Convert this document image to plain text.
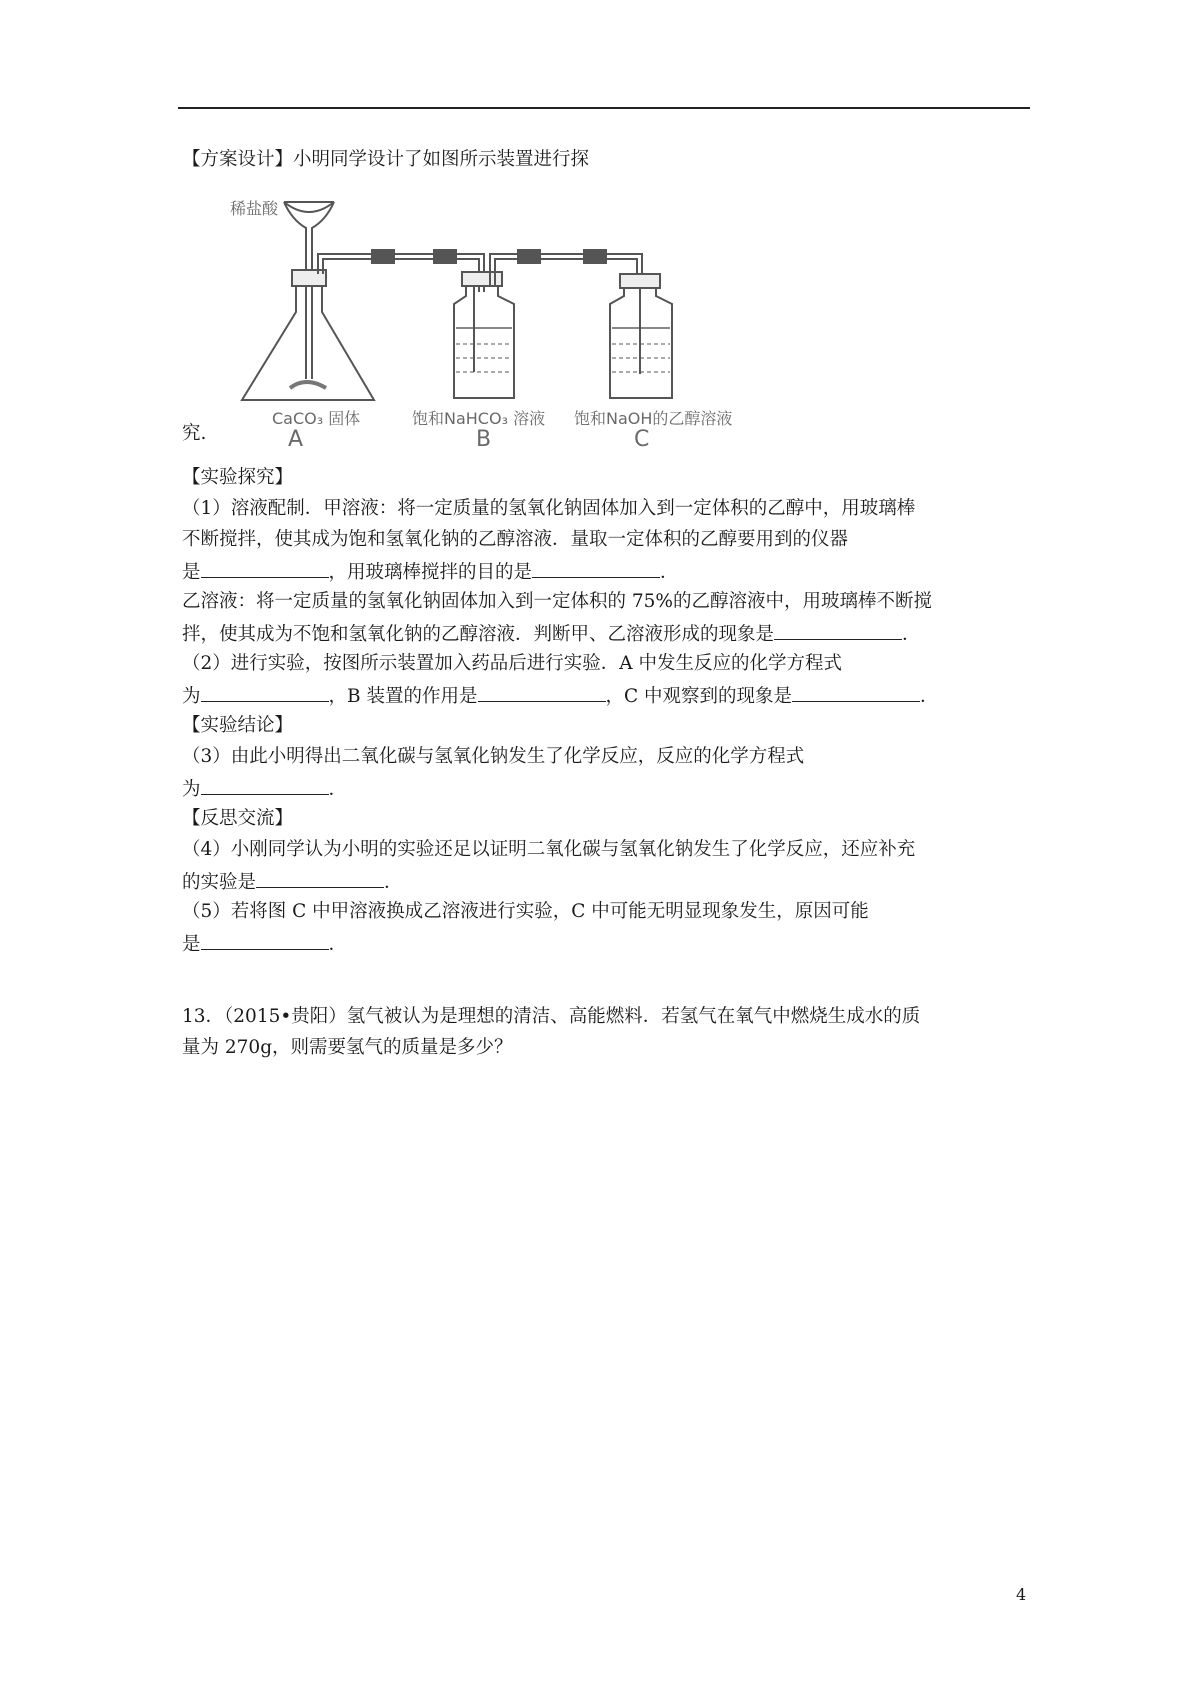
【方案设计】小明同学设计了如图所示装置进行探
稀盐酸
CaCO₃ 固体
A
饱和NaHCO₃ 溶液
B
饱和NaOH的乙醇溶液
C
究.
【实验探究】
（1）溶液配制．甲溶液：将一定质量的氢氧化钠固体加入到一定体积的乙醇中，用玻璃棒
不断搅拌，使其成为饱和氢氧化钠的乙醇溶液．量取一定体积的乙醇要用到的仪器
是	，用玻璃棒搅拌的目的是	．
乙溶液：将一定质量的氢氧化钠固体加入到一定体积的 75%的乙醇溶液中，用玻璃棒不断搅
拌，使其成为不饱和氢氧化钠的乙醇溶液．判断甲、乙溶液形成的现象是	．
（2）进行实验，按图所示装置加入药品后进行实验．A 中发生反应的化学方程式
为	，B 装置的作用是	，C 中观察到的现象是	．
【实验结论】
（3）由此小明得出二氧化碳与氢氧化钠发生了化学反应，反应的化学方程式
为	．
【反思交流】
（4）小刚同学认为小明的实验还足以证明二氧化碳与氢氧化钠发生了化学反应，还应补充
的实验是	．
（5）若将图 C 中甲溶液换成乙溶液进行实验，C 中可能无明显现象发生，原因可能
是	．
13．（2015•贵阳）氢气被认为是理想的清洁、高能燃料．若氢气在氧气中燃烧生成水的质
量为 270g，则需要氢气的质量是多少？
4
